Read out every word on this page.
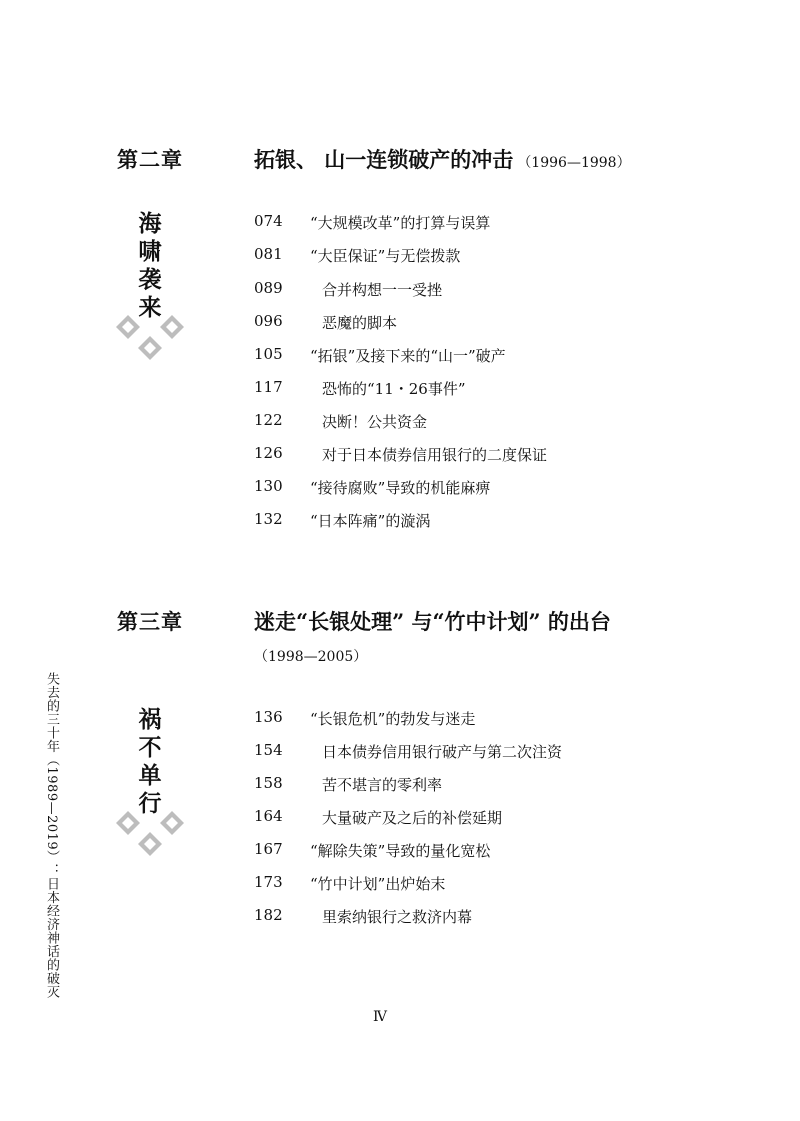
第二章	拓银、 山一连锁破产的冲击 （1996—1998）
海
啸
袭
来
074	“大规模改革”的打算与误算
081	“大臣保证”与无偿拨款
089	合并构想一一受挫
096	恶魔的脚本
105	“拓银”及接下来的“山一”破产
117	恐怖的“11・26事件”
122	决断！公共资金
126	对于日本债券信用银行的二度保证
130	“接待腐败”导致的机能麻痹
132	“日本阵痛”的漩涡
第三章	迷走“长银处理” 与“竹中计划” 的出台
（1998—2005）
祸
不
单
行
136	“长银危机”的勃发与迷走
154	日本债券信用银行破产与第二次注资
158	苦不堪言的零利率
164	大量破产及之后的补偿延期
167	“解除失策”导致的量化宽松
173	“竹中计划”出炉始末
182	里索纳银行之救济内幕
失去的三十年（1989—2019）：日本经济神话的破灭
Ⅳ
